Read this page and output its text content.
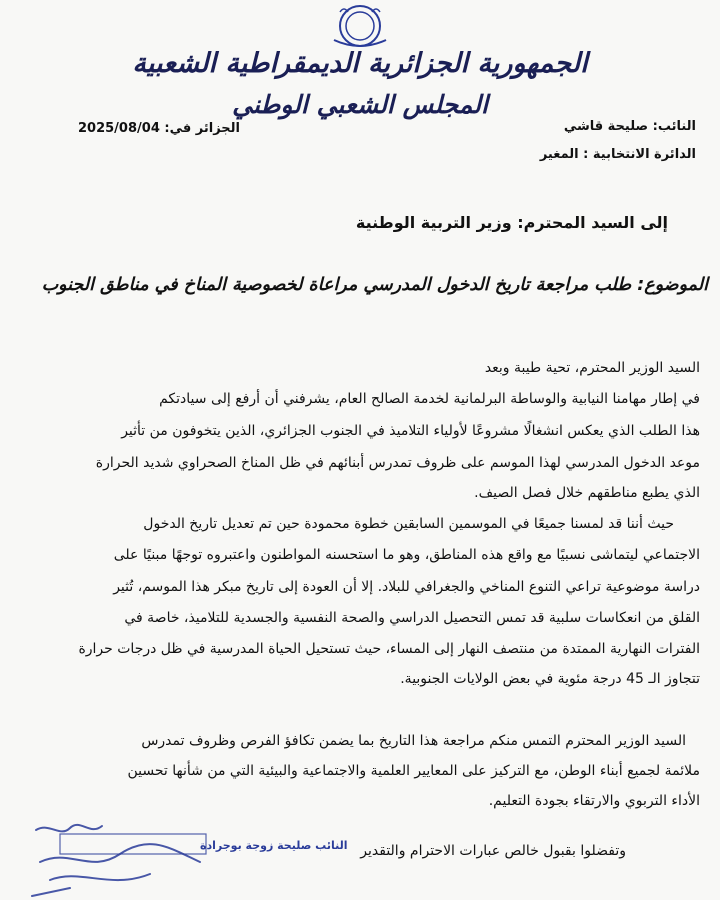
الجمهورية الجزائرية الديمقراطية الشعبية
المجلس الشعبي الوطني
النائب: صليحة قاشي
الدائرة الانتخابية : المغير
الجزائر في: 2025/08/04
إلى السيد المحترم: وزير التربية الوطنية
الموضوع: طلب مراجعة تاريخ الدخول المدرسي مراعاة لخصوصية المناخ في مناطق الجنوب
السيد الوزير المحترم، تحية طيبة وبعد
في إطار مهامنا النيابية والوساطة البرلمانية لخدمة الصالح العام، يشرفني أن أرفع إلى سيادتكم
هذا الطلب الذي يعكس انشغالًا مشروعًا لأولياء التلاميذ في الجنوب الجزائري، الذين يتخوفون من تأثير
موعد الدخول المدرسي لهذا الموسم على ظروف تمدرس أبنائهم في ظل المناخ الصحراوي شديد الحرارة
الذي يطبع مناطقهم خلال فصل الصيف.
حيث أننا قد لمسنا جميعًا في الموسمين السابقين خطوة محمودة حين تم تعديل تاريخ الدخول
الاجتماعي ليتماشى نسبيًا مع واقع هذه المناطق، وهو ما استحسنه المواطنون واعتبروه توجهًا مبنيًا على
دراسة موضوعية تراعي التنوع المناخي والجغرافي للبلاد. إلا أن العودة إلى تاريخ مبكر هذا الموسم، تُثير
القلق من انعكاسات سلبية قد تمس التحصيل الدراسي والصحة النفسية والجسدية للتلاميذ، خاصة في
الفترات النهارية الممتدة من منتصف النهار إلى المساء، حيث تستحيل الحياة المدرسية في ظل درجات حرارة
تتجاوز الـ 45 درجة مئوية في بعض الولايات الجنوبية.
السيد الوزير المحترم التمس منكم مراجعة هذا التاريخ بما يضمن تكافؤ الفرص وظروف تمدرس
ملائمة لجميع أبناء الوطن، مع التركيز على المعايير العلمية والاجتماعية والبيئية التي من شأنها تحسين
الأداء التربوي والارتقاء بجودة التعليم.
وتفضلوا بقبول خالص عبارات الاحترام والتقدير
النائب صليحة زوجة بوجرادة
